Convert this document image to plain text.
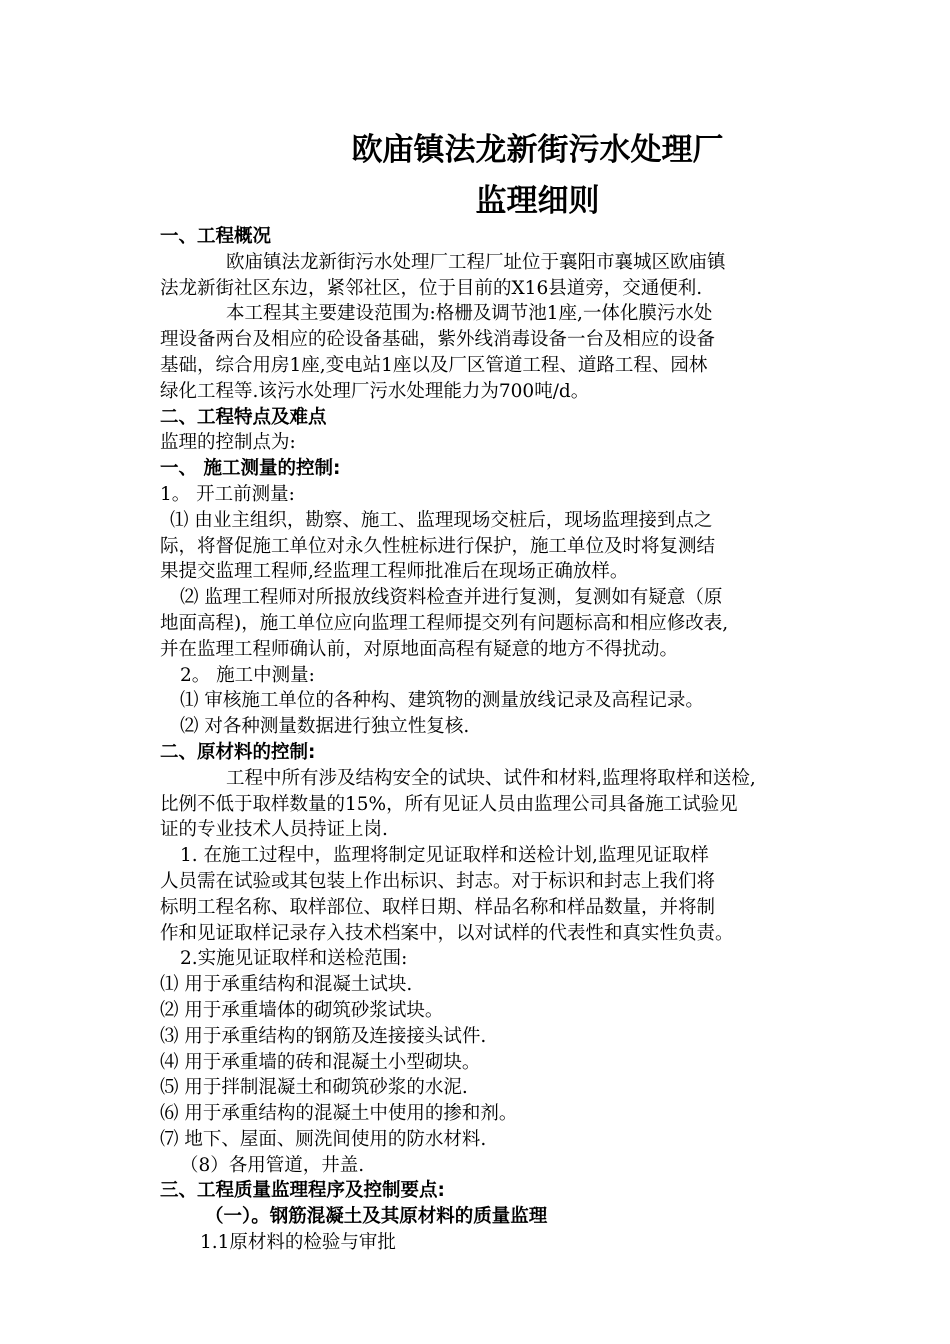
欧庙镇法龙新街污水处理厂
监理细则

一、工程概况

欧庙镇法龙新街污水处理厂工程厂址位于襄阳市襄城区欧庙镇

法龙新街社区东边，紧邻社区，位于目前的X16县道旁，交通便利.

本工程其主要建设范围为:格栅及调节池1座,一体化膜污水处

理设备两台及相应的砼设备基础，紫外线消毒设备一台及相应的设备

基础，综合用房1座,变电站1座以及厂区管道工程、道路工程、园林

绿化工程等.该污水处理厂污水处理能力为700吨/d。

二、工程特点及难点

监理的控制点为:

一、 施工测量的控制:

1。 开工前测量:

⑴ 由业主组织，勘察、施工、监理现场交桩后，现场监理接到点之

际，将督促施工单位对永久性桩标进行保护，施工单位及时将复测结

果提交监理工程师,经监理工程师批准后在现场正确放样。

⑵ 监理工程师对所报放线资料检查并进行复测，复测如有疑意（原

地面高程)，施工单位应向监理工程师提交列有问题标高和相应修改表,

并在监理工程师确认前，对原地面高程有疑意的地方不得扰动。

2。 施工中测量:

⑴ 审核施工单位的各种构、建筑物的测量放线记录及高程记录。

⑵ 对各种测量数据进行独立性复核.

二、原材料的控制:

工程中所有涉及结构安全的试块、试件和材料,监理将取样和送检,

比例不低于取样数量的15%，所有见证人员由监理公司具备施工试验见

证的专业技术人员持证上岗.

1. 在施工过程中，监理将制定见证取样和送检计划,监理见证取样

人员需在试验或其包装上作出标识、封志。对于标识和封志上我们将

标明工程名称、取样部位、取样日期、样品名称和样品数量，并将制

作和见证取样记录存入技术档案中，以对试样的代表性和真实性负责。

2.实施见证取样和送检范围:

⑴ 用于承重结构和混凝土试块.

⑵ 用于承重墙体的砌筑砂浆试块。

⑶ 用于承重结构的钢筋及连接接头试件.

⑷ 用于承重墙的砖和混凝土小型砌块。

⑸ 用于拌制混凝土和砌筑砂浆的水泥.

⑹ 用于承重结构的混凝土中使用的掺和剂。

⑺ 地下、屋面、厕洗间使用的防水材料.

（8）各用管道，井盖.

三、工程质量监理程序及控制要点:

（一）。钢筋混凝土及其原材料的质量监理

1.1原材料的检验与审批
